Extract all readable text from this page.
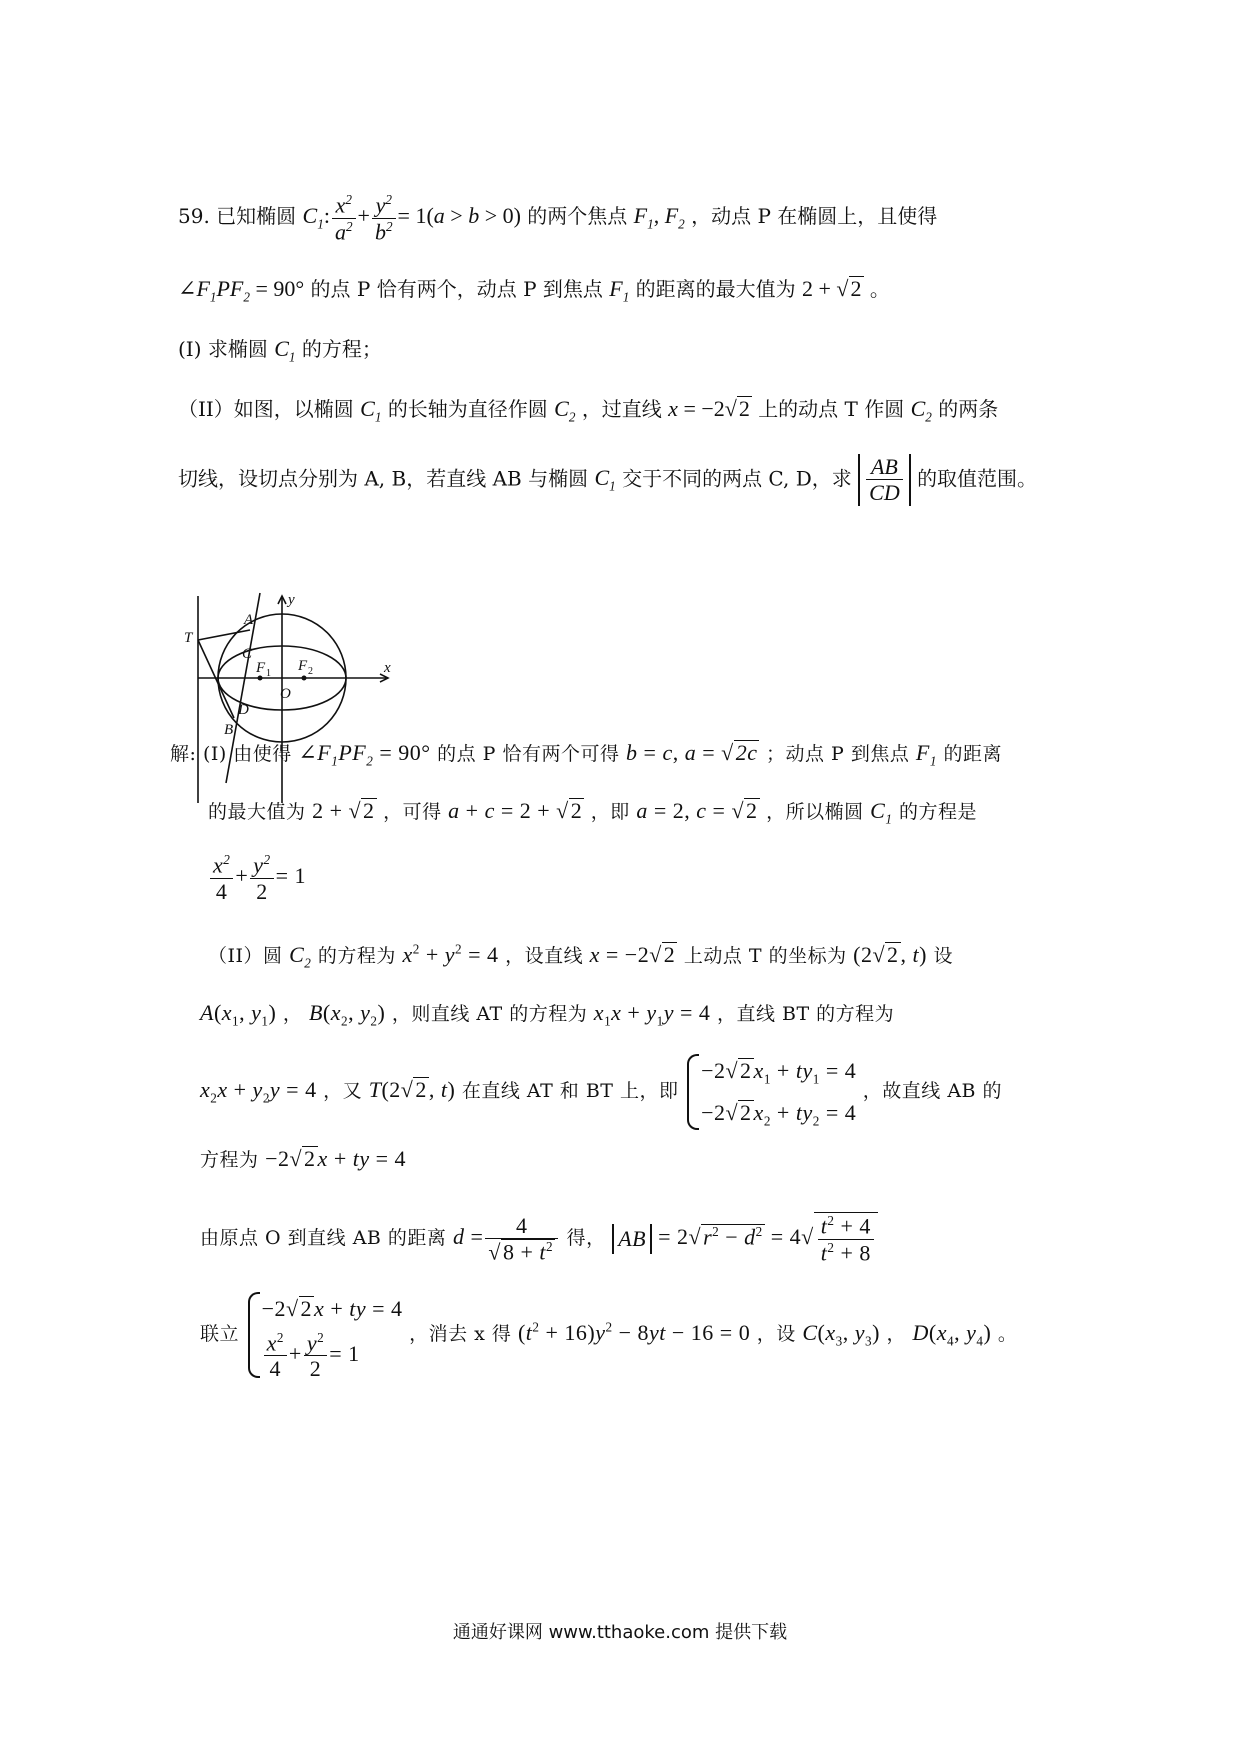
59. 已知椭圆 $C_1$: $\frac{x^2}{a^2} + \frac{y^2}{b^2} = 1(a > b > 0)$ 的两个焦点 $F_1$, $F_2$ ，动点 P 在椭圆上，且使得
$\angle F_1PF_2 = 90^\circ$ 的点 P 恰有两个，动点 P 到焦点 $F_1$ 的距离的最大值为 2 + √2 。
(I) 求椭圆 $C_1$ 的方程；
（II）如图，以椭圆 $C_1$ 的长轴为直径作圆 $C_2$ ，过直线 x = −2√2 上的动点 T 作圆 $C_2$ 的两条
切线，设切点分别为 A, B，若直线 AB 与椭圆 $C_1$ 交于不同的两点 C, D，求 $\frac{AB}{CD}$ 的取值范围。
y
x
T
A
C
F 1 F 2
O
D
B
解: (I) 由使得 $\angle F_1PF_2 = 90^\circ$ 的点 P 恰有两个可得 b = c, a = √2c ；动点 P 到焦点 $F_1$ 的距离
的最大值为 2 + √2 ，可得 a + c = 2 + √2 ，即 a = 2, c = √2 ，所以椭圆 $C_1$ 的方程是
$\frac{x^2}{4} + \frac{y^2}{2} = 1$
（II）圆 $C_2$ 的方程为 $x^2 + y^2 = 4$ ，设直线 x = −2√2 上动点 T 的坐标为 (2√2, t) 设
$A(x_1$, $y_1$) ， $B(x_2$, $y_2$) ，则直线 AT 的方程为 $x_1x + y_1y = 4$ ，直线 BT 的方程为
$x_2x + y_2y = 4$ ，又 T(2√2, t) 在直线 AT 和 BT 上，即
$-2√2x_1 + ty_1 = 4$
$-2√2x_2 + ty_2 = 4$
，故直线 AB 的
方程为 −2√2x + ty = 4
由原点 O 到直线 AB 的距离 $d = \frac{4}{√8 + t^2}$ 得， AB = $2√r^2 - d^2 = 4√ \frac{t^2 + 4}{t^2 + 8}$
联立
−2√2x + ty = 4
$\frac{x^2}{4} + \frac{y^2}{2} = 1$
，消去 x 得 $(t^2 + 16)y^2 - 8yt - 16 = 0$ ，设 $C(x_3$, $y_3$) ， $D(x_4$, $y_4$) 。
通通好课网 www.tthaoke.com 提供下载
